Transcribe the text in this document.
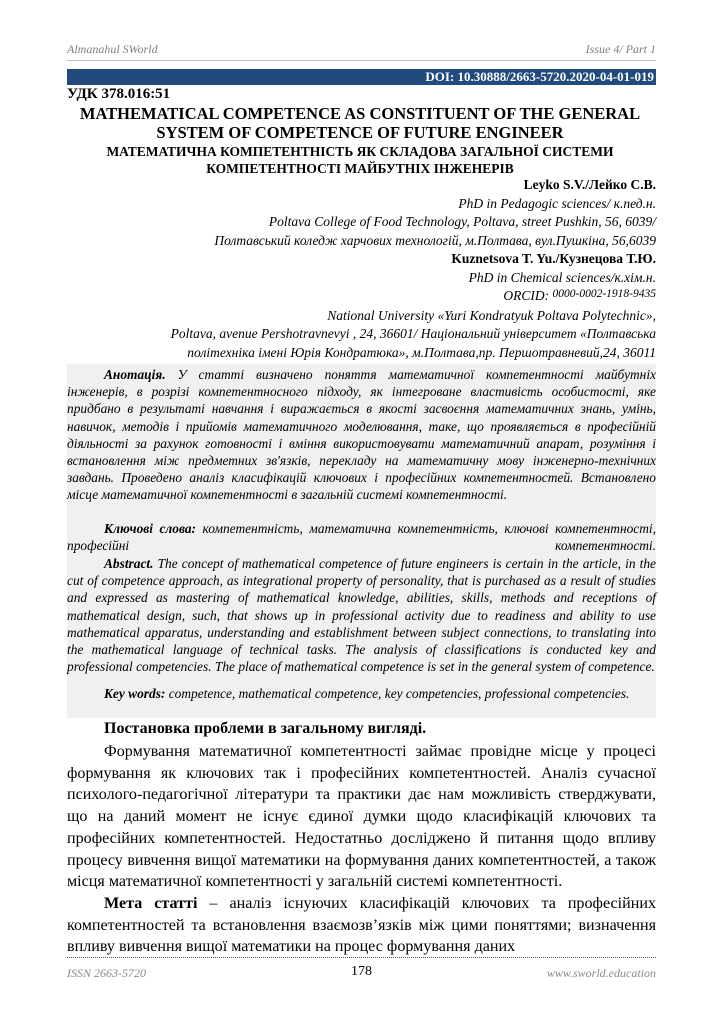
Almanahul SWorld	Issue 4/ Part 1
DOI: 10.30888/2663-5720.2020-04-01-019
УДК 378.016:51
MATHEMATICAL COMPETENCE AS CONSTITUENT OF THE GENERAL
SYSTEM OF COMPETENCE OF FUTURE ENGINEER
МАТЕМАТИЧНА КОМПЕТЕНТНІСТЬ ЯК СКЛАДОВА ЗАГАЛЬНОЇ СИСТЕМИ
КОМПЕТЕНТНОСТІ МАЙБУТНІХ ІНЖЕНЕРІВ
Leyko S.V./Лейко С.В.
PhD in Pedagogic sciences/ к.пед.н.
Poltava College of Food Technology, Poltava, street Pushkin, 56, 6039/
Полтавський коледж харчових технологій, м.Полтава, вул.Пушкіна, 56,6039
Kuznetsova T. Yu./Кузнецова Т.Ю.
PhD in Chemical sciences/к.хім.н.
ORCID: 0000-0002-1918-9435
National University «Yuri Kondratyuk Poltava Polytechnic»,
Poltava, avenue Pershotravnevyi , 24, 36601/ Національний університет «Полтавська
політехніка імені Юрія Кондратюка», м.Полтава,пр. Першотравневий,24, 36011
Анотація. У статті визначено поняття математичної компетентності майбутніх інженерів, в розрізі компетентносного підходу, як інтегроване властивість особистості, яке придбано в результаті навчання і виражається в якості засвоєння математичних знань, умінь, навичок, методів і прийомів математичного моделювання, таке, що проявляється в професійній діяльності за рахунок готовності і вміння використовувати математичний апарат, розуміння і встановлення між предметних зв'язків, перекладу на математичну мову інженерно-технічних завдань. Проведено аналіз класифікацій ключових і професійних компетентностей. Встановлено місце математичної компетентності в загальній системі компетентності.
Ключові слова: компетентність, математична компетентність, ключові компетентності, професійні компетентності.
Abstract. The concept of mathematical competence of future engineers is certain in the article, in the cut of competence approach, as integrational property of personality, that is purchased as a result of studies and expressed as mastering of mathematical knowledge, abilities, skills, methods and receptions of mathematical design, such, that shows up in professional activity due to readiness and ability to use mathematical apparatus, understanding and establishment between subject connections, to translating into the mathematical language of technical tasks. The analysis of classifications is conducted key and professional competencies. The place of mathematical competence is set in the general system of competence.
Key words: competence, mathematical competence, key competencies, professional competencies.
Постановка проблеми в загальному вигляді.
Формування математичної компетентності займає провідне місце у процесі формування як ключових так і професійних компетентностей. Аналіз сучасної психолого-педагогічної літератури та практики дає нам можливість стверджувати, що на даний момент не існує єдиної думки щодо класифікацій ключових та професійних компетентностей. Недостатньо досліджено й питання щодо впливу процесу вивчення вищої математики на формування даних компетентностей, а також місця математичної компетентності у загальній системі компетентності.
Мета статті – аналіз існуючих класифікацій ключових та професійних компетентностей та встановлення взаємозв’язків між цими поняттями; визначення впливу вивчення вищої математики на процес формування даних
ISSN 2663-5720	178	www.sworld.education
